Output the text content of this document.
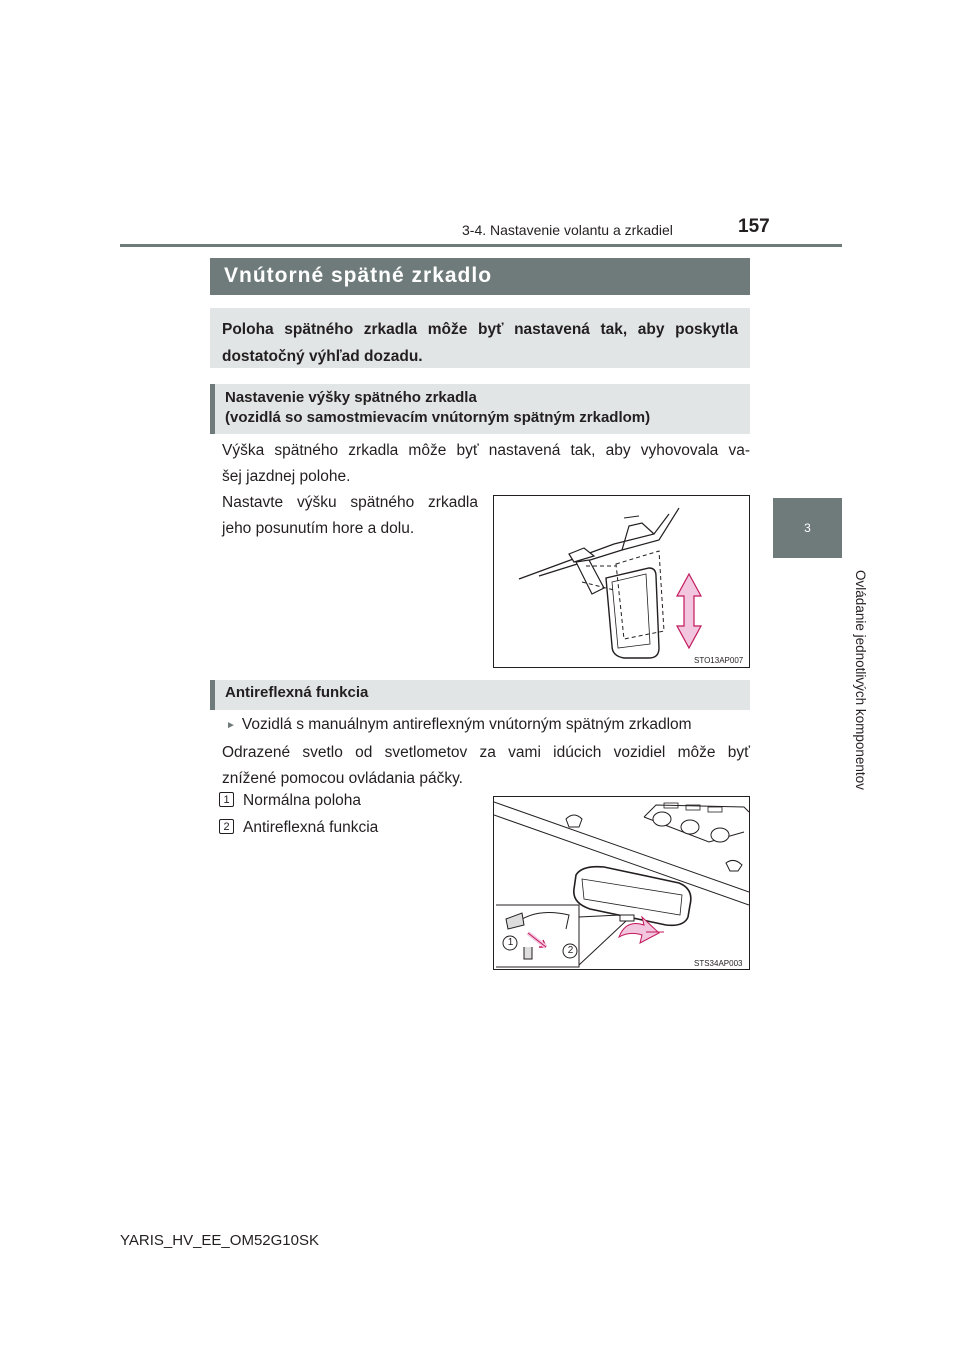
3-4. Nastavenie volantu a zrkadiel	157
3
Ovládanie jednotlivých komponentov
Vnútorné spätné zrkadlo
Poloha spätného zrkadla môže byť nastavená tak, aby poskytla dostatočný výhľad dozadu.
Nastavenie výšky spätného zrkadla
(vozidlá so samostmievacím vnútorným spätným zrkadlom)
Výška spätného zrkadla môže byť nastavená tak, aby vyhovovala va-
šej jazdnej polohe.
Nastavte výšku spätného zrkadla
jeho posunutím hore a dolu.
STO13AP007
Antireflexná funkcia
► Vozidlá s manuálnym antireflexným vnútorným spätným zrkadlom
Odrazené svetlo od svetlometov za vami idúcich vozidiel môže byť
znížené pomocou ovládania páčky.
1 Normálna poloha
2 Antireflexná funkcia
1
2
STS34AP003
YARIS_HV_EE_OM52G10SK
